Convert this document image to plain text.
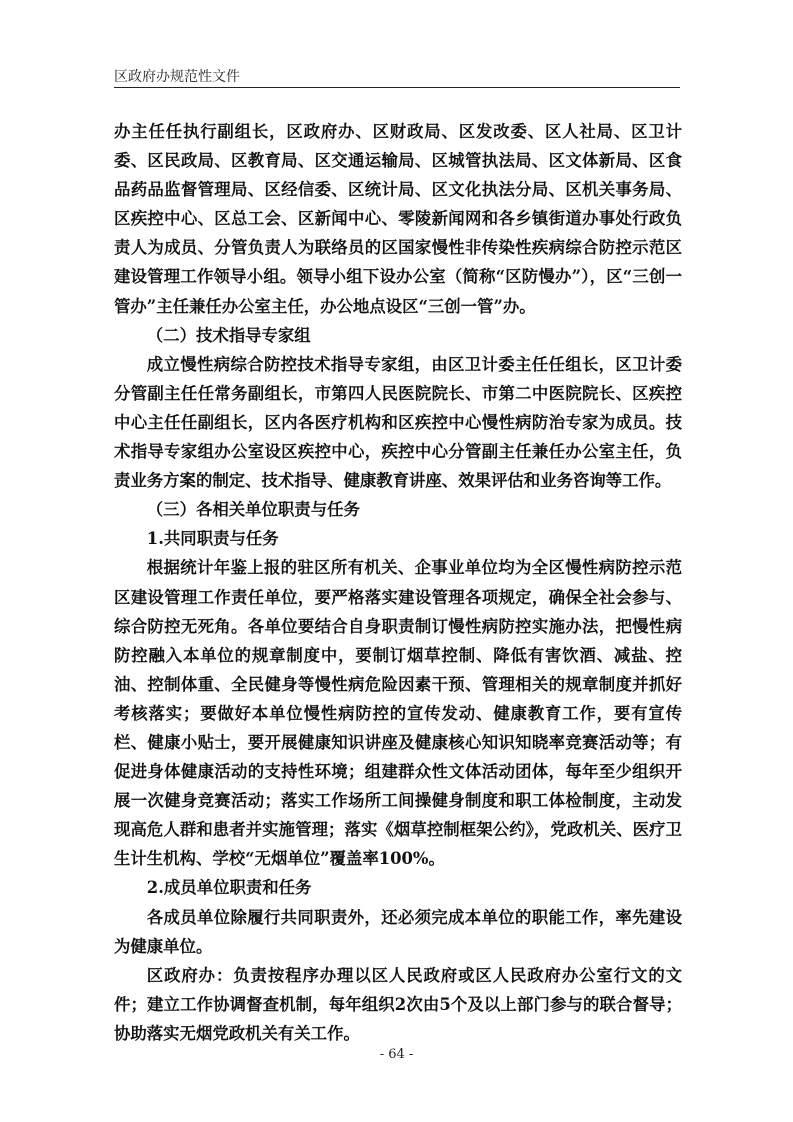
区政府办规范性文件

办主任任执行副组长，区政府办、区财政局、区发改委、区人社局、区卫计委、区民政局、区教育局、区交通运输局、区城管执法局、区文体新局、区食品药品监督管理局、区经信委、区统计局、区文化执法分局、区机关事务局、区疾控中心、区总工会、区新闻中心、零陵新闻网和各乡镇街道办事处行政负责人为成员、分管负责人为联络员的区国家慢性非传染性疾病综合防控示范区建设管理工作领导小组。领导小组下设办公室（简称“区防慢办”），区“三创一管办”主任兼任办公室主任，办公地点设区“三创一管”办。

（二）技术指导专家组

成立慢性病综合防控技术指导专家组，由区卫计委主任任组长，区卫计委分管副主任任常务副组长，市第四人民医院院长、市第二中医院院长、区疾控中心主任任副组长，区内各医疗机构和区疾控中心慢性病防治专家为成员。技术指导专家组办公室设区疾控中心，疾控中心分管副主任兼任办公室主任，负责业务方案的制定、技术指导、健康教育讲座、效果评估和业务咨询等工作。

（三）各相关单位职责与任务

1.共同职责与任务

根据统计年鉴上报的驻区所有机关、企事业单位均为全区慢性病防控示范区建设管理工作责任单位，要严格落实建设管理各项规定，确保全社会参与、综合防控无死角。各单位要结合自身职责制订慢性病防控实施办法，把慢性病防控融入本单位的规章制度中，要制订烟草控制、降低有害饮酒、减盐、控油、控制体重、全民健身等慢性病危险因素干预、管理相关的规章制度并抓好考核落实；要做好本单位慢性病防控的宣传发动、健康教育工作，要有宣传栏、健康小贴士，要开展健康知识讲座及健康核心知识知晓率竞赛活动等；有促进身体健康活动的支持性环境；组建群众性文体活动团体，每年至少组织开展一次健身竞赛活动；落实工作场所工间操健身制度和职工体检制度，主动发现高危人群和患者并实施管理；落实《烟草控制框架公约》，党政机关、医疗卫生计生机构、学校“无烟单位”覆盖率100%。

2.成员单位职责和任务

各成员单位除履行共同职责外，还必须完成本单位的职能工作，率先建设为健康单位。

区政府办：负责按程序办理以区人民政府或区人民政府办公室行文的文件；建立工作协调督查机制，每年组织2次由5个及以上部门参与的联合督导；协助落实无烟党政机关有关工作。

- 64 -
